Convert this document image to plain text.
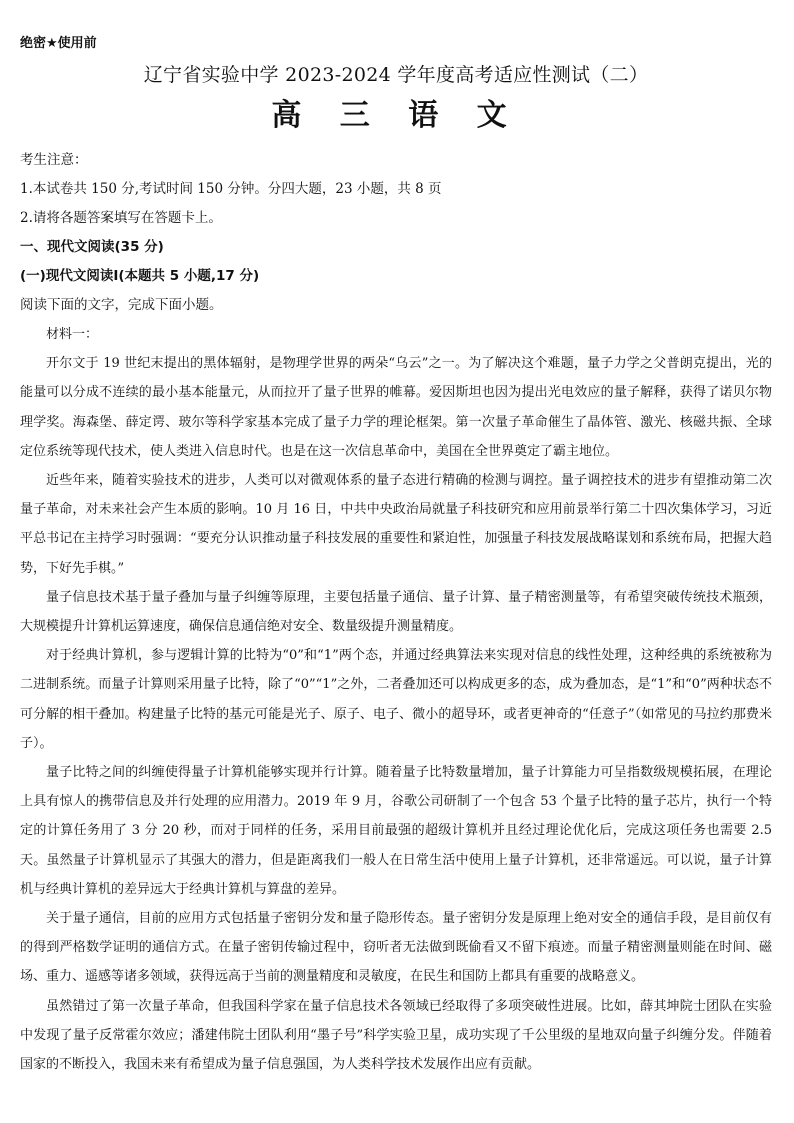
绝密★使用前
辽宁省实验中学 2023-2024 学年度高考适应性测试（二）
高 三 语 文
考生注意：
1.本试卷共 150 分,考试时间 150 分钟。分四大题，23 小题，共 8 页
2.请将各题答案填写在答题卡上。
一、现代文阅读(35 分)
(一)现代文阅读Ⅰ(本题共 5 小题,17 分)
阅读下面的文字，完成下面小题。

材料一：

开尔文于 19 世纪末提出的黑体辐射，是物理学世界的两朵“乌云”之一。为了解决这个难题，量子力学之父普朗克提出，光的能量可以分成不连续的最小基本能量元，从而拉开了量子世界的帷幕。爱因斯坦也因为提出光电效应的量子解释，获得了诺贝尔物理学奖。海森堡、薛定谔、玻尔等科学家基本完成了量子力学的理论框架。第一次量子革命催生了晶体管、激光、核磁共振、全球定位系统等现代技术，使人类进入信息时代。也是在这一次信息革命中，美国在全世界奠定了霸主地位。

近些年来，随着实验技术的进步，人类可以对微观体系的量子态进行精确的检测与调控。量子调控技术的进步有望推动第二次量子革命，对未来社会产生本质的影响。10 月 16 日，中共中央政治局就量子科技研究和应用前景举行第二十四次集体学习，习近平总书记在主持学习时强调：“要充分认识推动量子科技发展的重要性和紧迫性，加强量子科技发展战略谋划和系统布局，把握大趋势，下好先手棋。”

量子信息技术基于量子叠加与量子纠缠等原理，主要包括量子通信、量子计算、量子精密测量等，有希望突破传统技术瓶颈，大规模提升计算机运算速度，确保信息通信绝对安全、数量级提升测量精度。

对于经典计算机，参与逻辑计算的比特为“0”和“1”两个态，并通过经典算法来实现对信息的线性处理，这种经典的系统被称为二进制系统。而量子计算则采用量子比特，除了“0”“1”之外，二者叠加还可以构成更多的态，成为叠加态，是“1”和“0”两种状态不可分解的相干叠加。构建量子比特的基元可能是光子、原子、电子、微小的超导环，或者更神奇的“任意子”（如常见的马拉约那费米子）。

量子比特之间的纠缠使得量子计算机能够实现并行计算。随着量子比特数量增加，量子计算能力可呈指数级规模拓展，在理论上具有惊人的携带信息及并行处理的应用潜力。2019 年 9 月，谷歌公司研制了一个包含 53 个量子比特的量子芯片，执行一个特定的计算任务用了 3 分 20 秒，而对于同样的任务，采用目前最强的超级计算机并且经过理论优化后，完成这项任务也需要 2.5 天。虽然量子计算机显示了其强大的潜力，但是距离我们一般人在日常生活中使用上量子计算机，还非常遥远。可以说，量子计算机与经典计算机的差异远大于经典计算机与算盘的差异。

关于量子通信，目前的应用方式包括量子密钥分发和量子隐形传态。量子密钥分发是原理上绝对安全的通信手段，是目前仅有的得到严格数学证明的通信方式。在量子密钥传输过程中，窃听者无法做到既偷看又不留下痕迹。而量子精密测量则能在时间、磁场、重力、遥感等诸多领域，获得远高于当前的测量精度和灵敏度，在民生和国防上都具有重要的战略意义。

虽然错过了第一次量子革命，但我国科学家在量子信息技术各领域已经取得了多项突破性进展。比如，薛其坤院士团队在实验中发现了量子反常霍尔效应；潘建伟院士团队利用“墨子号”科学实验卫星，成功实现了千公里级的星地双向量子纠缠分发。伴随着国家的不断投入，我国未来有希望成为量子信息强国，为人类科学技术发展作出应有贡献。
